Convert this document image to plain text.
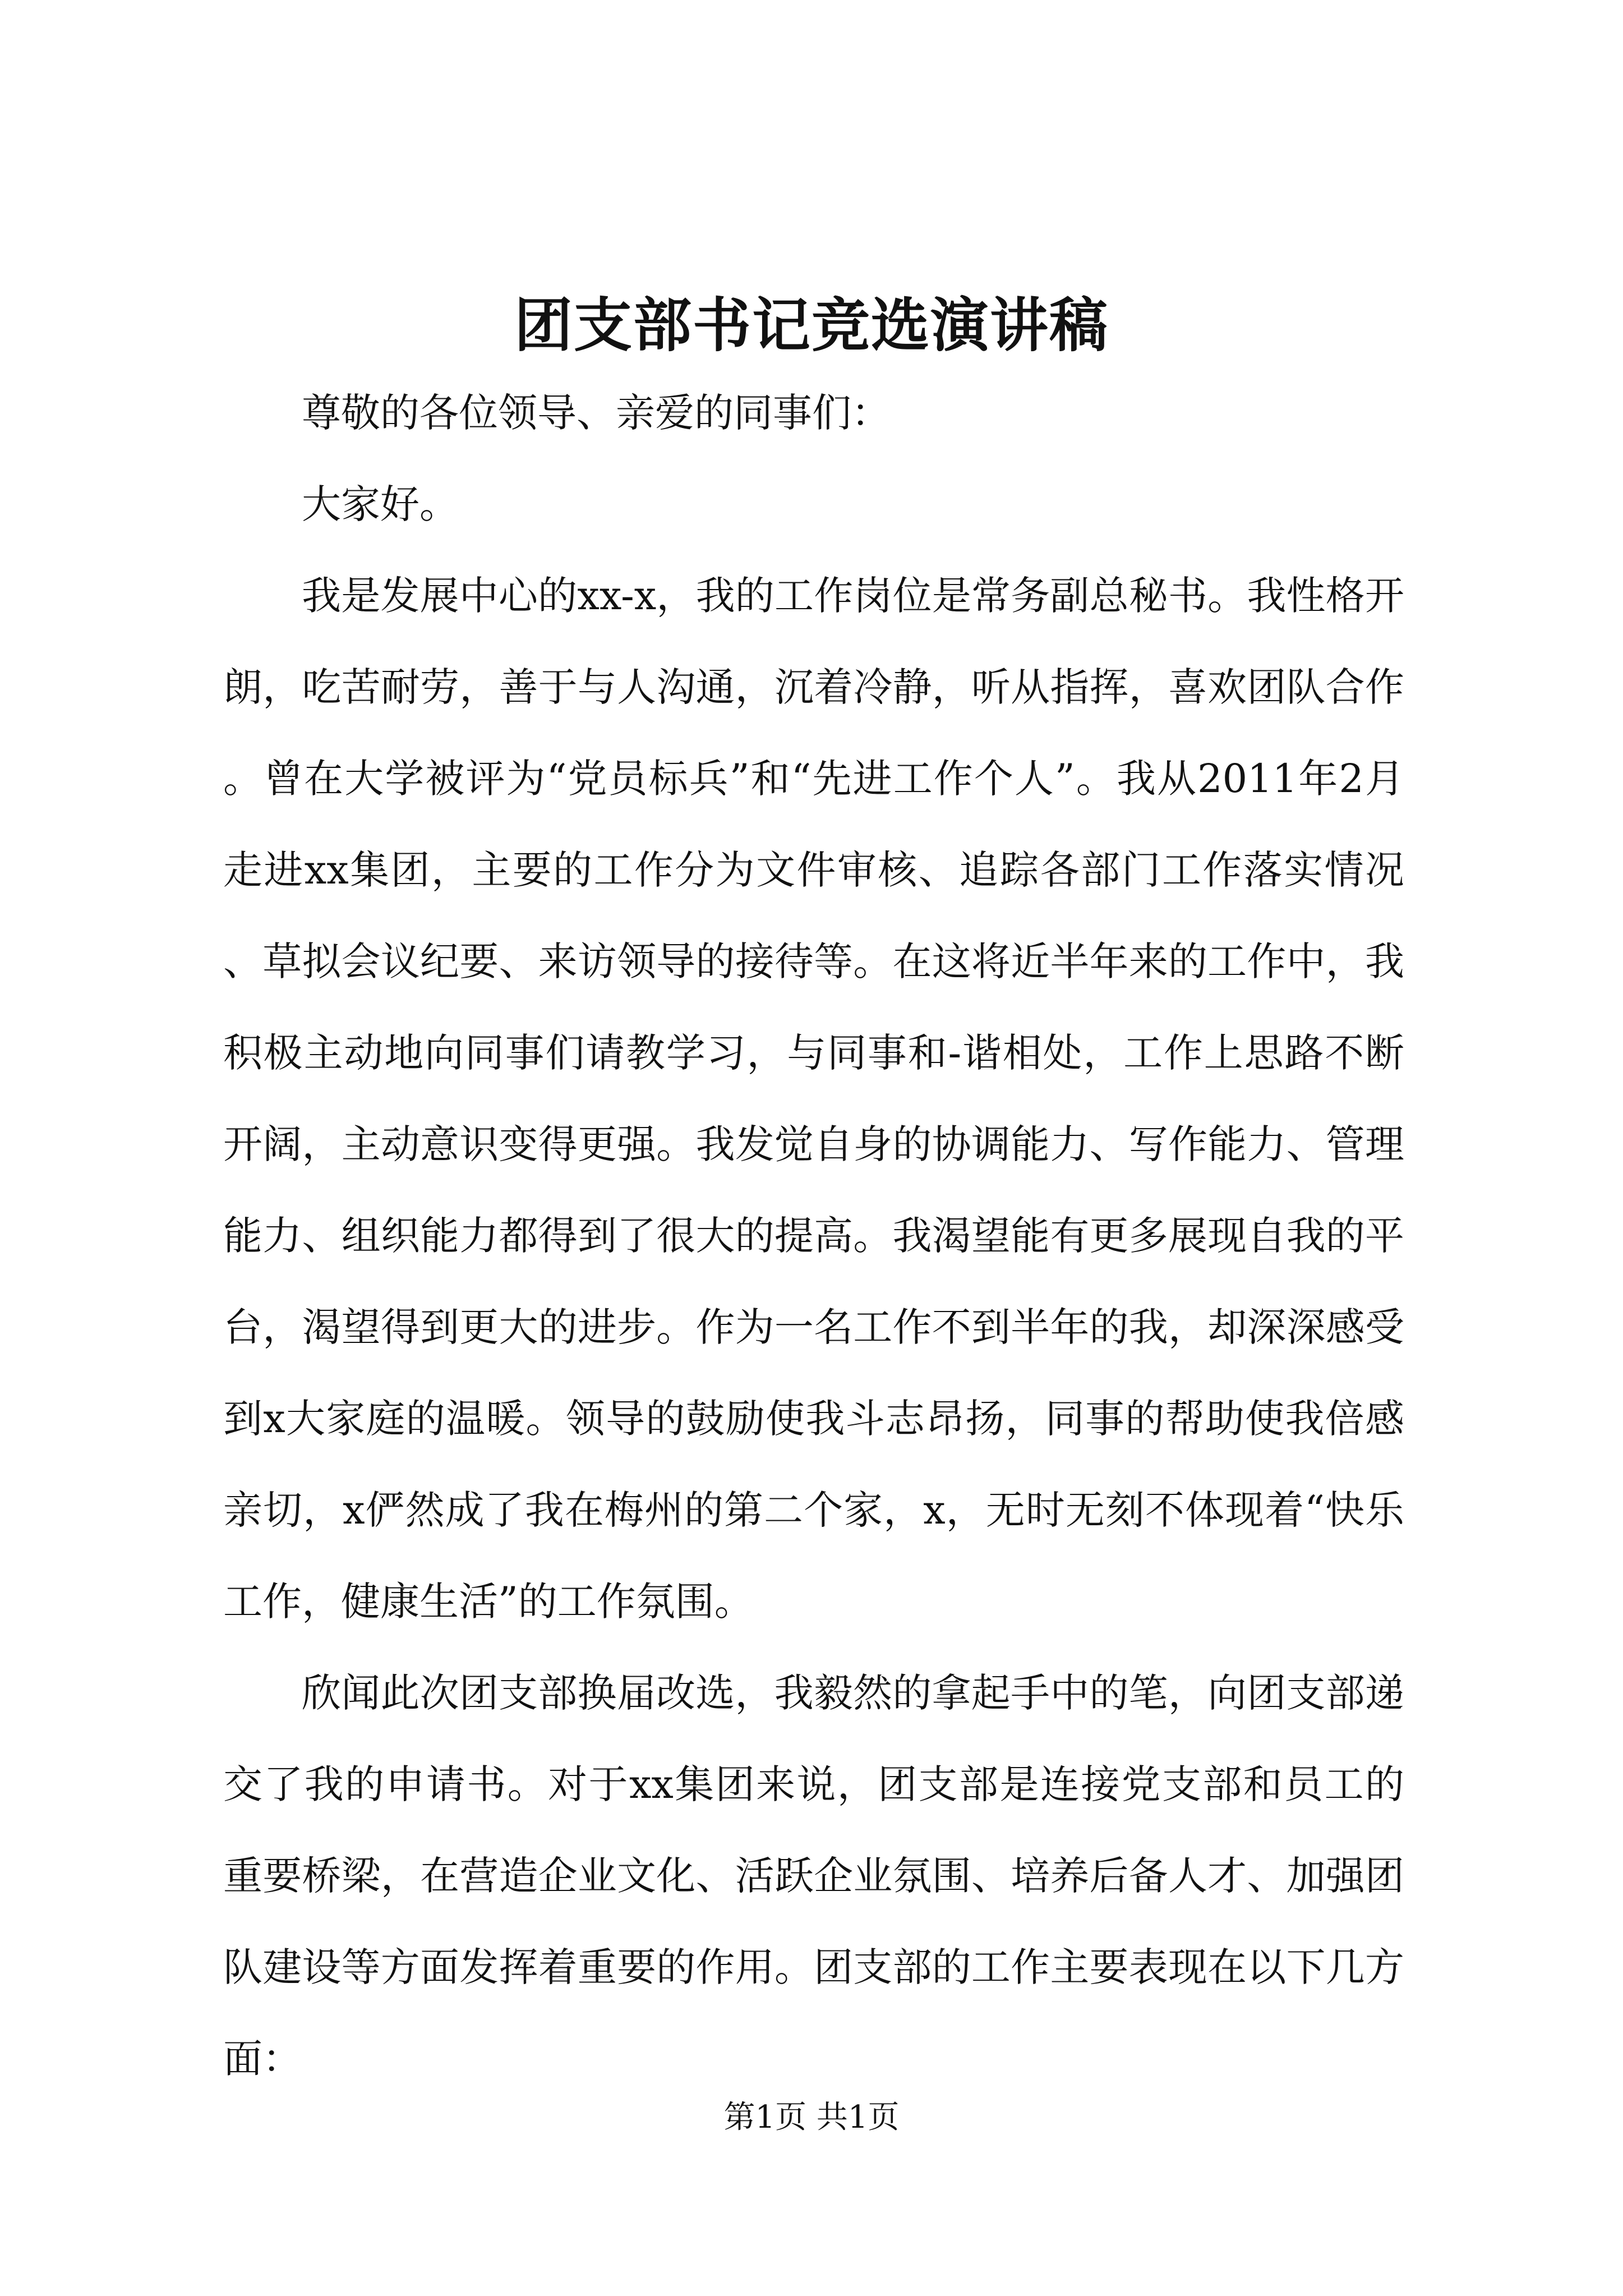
团支部书记竞选演讲稿

尊敬的各位领导、亲爱的同事们：

大家好。

我是发展中心的xx-x，我的工作岗位是常务副总秘书。我性格开朗，吃苦耐劳，善于与人沟通，沉着冷静，听从指挥，喜欢团队合作。曾在大学被评为“党员标兵”和“先进工作个人”。我从2011年2月走进xx集团，主要的工作分为文件审核、追踪各部门工作落实情况、草拟会议纪要、来访领导的接待等。在这将近半年来的工作中，我积极主动地向同事们请教学习，与同事和-谐相处，工作上思路不断开阔，主动意识变得更强。我发觉自身的协调能力、写作能力、管理能力、组织能力都得到了很大的提高。我渴望能有更多展现自我的平台，渴望得到更大的进步。作为一名工作不到半年的我，却深深感受到x大家庭的温暖。领导的鼓励使我斗志昂扬，同事的帮助使我倍感亲切，x俨然成了我在梅州的第二个家，x，无时无刻不体现着“快乐工作，健康生活”的工作氛围。

欣闻此次团支部换届改选，我毅然的拿起手中的笔，向团支部递交了我的申请书。对于xx集团来说，团支部是连接党支部和员工的重要桥梁，在营造企业文化、活跃企业氛围、培养后备人才、加强团队建设等方面发挥着重要的作用。团支部的工作主要表现在以下几方面：

第1页 共1页
